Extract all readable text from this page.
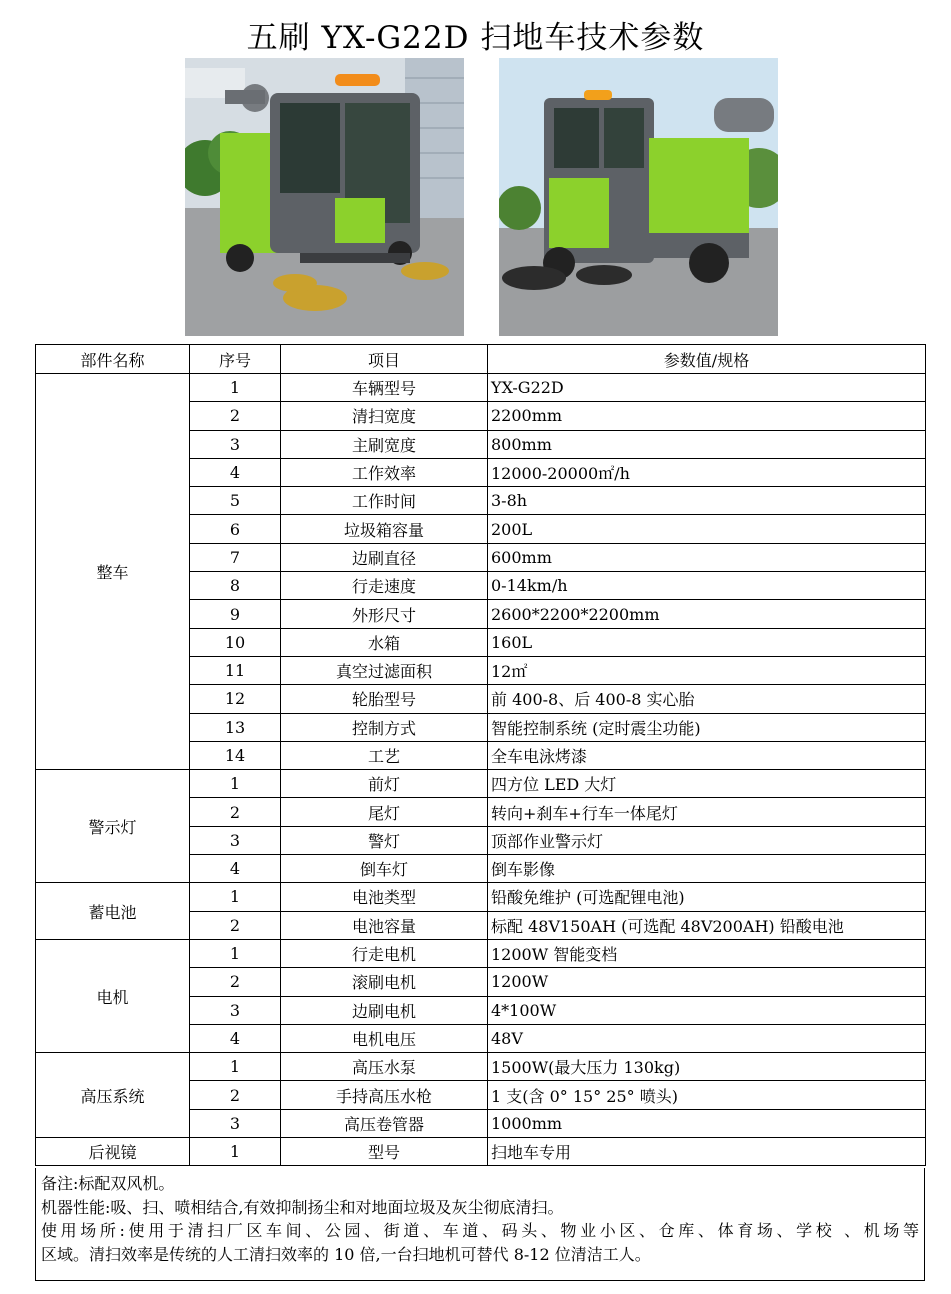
五刷 YX-G22D 扫地车技术参数
部件名称	序号	项目	参数值/规格
整车	1	车辆型号	YX-G22D
	2	清扫宽度	2200mm
	3	主刷宽度	800mm
	4	工作效率	12000-20000㎡/h
	5	工作时间	3-8h
	6	垃圾箱容量	200L
	7	边刷直径	600mm
	8	行走速度	0-14km/h
	9	外形尺寸	2600*2200*2200mm
	10	水箱	160L
	11	真空过滤面积	12㎡
	12	轮胎型号	前 400-8、后 400-8 实心胎
	13	控制方式	智能控制系统 (定时震尘功能)
	14	工艺	全车电泳烤漆
警示灯	1	前灯	四方位 LED 大灯
	2	尾灯	转向+刹车+行车一体尾灯
	3	警灯	顶部作业警示灯
	4	倒车灯	倒车影像
蓄电池	1	电池类型	铅酸免维护 (可选配锂电池)
	2	电池容量	标配 48V150AH (可选配 48V200AH) 铅酸电池
电机	1	行走电机	1200W 智能变档
	2	滚刷电机	1200W
	3	边刷电机	4*100W
	4	电机电压	48V
高压系统	1	高压水泵	1500W(最大压力 130kg)
	2	手持高压水枪	1 支(含 0° 15° 25° 喷头)
	3	高压卷管器	1000mm
后视镜	1	型号	扫地车专用

备注:标配双风机。

机器性能:吸、扫、喷相结合,有效抑制扬尘和对地面垃圾及灰尘彻底清扫。

使用场所:使用于清扫厂区车间、公园、街道、车道、码头、物业小区、仓库、体育场、学校 、机场等

区域。清扫效率是传统的人工清扫效率的 10 倍,一台扫地机可替代 8-12 位清洁工人。
